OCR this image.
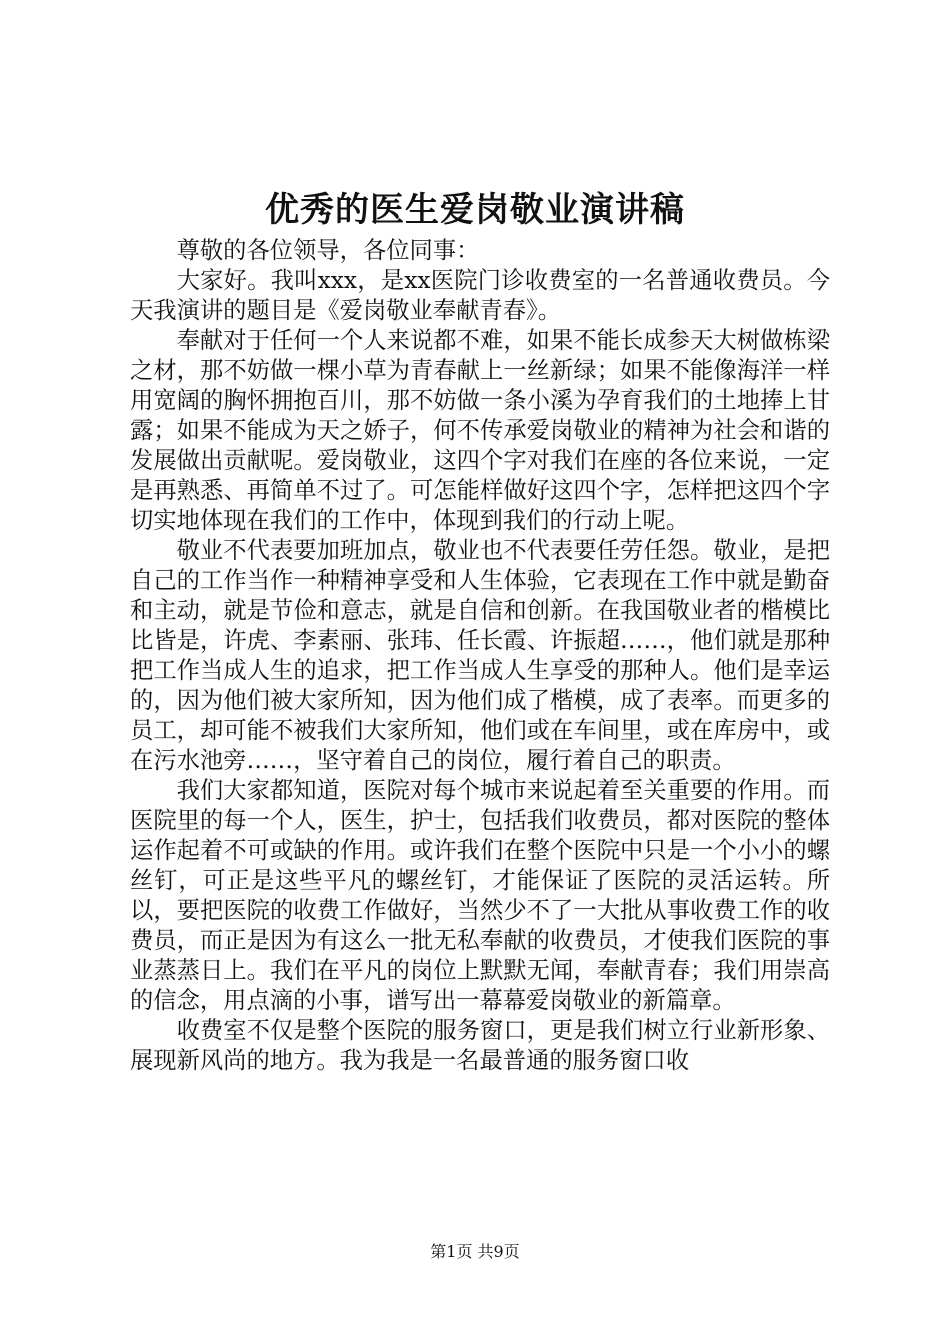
优秀的医生爱岗敬业演讲稿

尊敬的各位领导，各位同事：

大家好。我叫xxx，是xx医院门诊收费室的一名普通收费员。今天我演讲的题目是《爱岗敬业奉献青春》。

奉献对于任何一个人来说都不难，如果不能长成参天大树做栋梁之材，那不妨做一棵小草为青春献上一丝新绿；如果不能像海洋一样用宽阔的胸怀拥抱百川，那不妨做一条小溪为孕育我们的土地捧上甘露；如果不能成为天之娇子，何不传承爱岗敬业的精神为社会和谐的发展做出贡献呢。爱岗敬业，这四个字对我们在座的各位来说，一定是再熟悉、再简单不过了。可怎能样做好这四个字，怎样把这四个字切实地体现在我们的工作中，体现到我们的行动上呢。

敬业不代表要加班加点，敬业也不代表要任劳任怨。敬业，是把自己的工作当作一种精神享受和人生体验，它表现在工作中就是勤奋和主动，就是节俭和意志，就是自信和创新。在我国敬业者的楷模比比皆是，许虎、李素丽、张玮、任长霞、许振超……，他们就是那种把工作当成人生的追求，把工作当成人生享受的那种人。他们是幸运的，因为他们被大家所知，因为他们成了楷模，成了表率。而更多的员工，却可能不被我们大家所知，他们或在车间里，或在库房中，或在污水池旁……，坚守着自己的岗位，履行着自己的职责。

我们大家都知道，医院对每个城市来说起着至关重要的作用。而医院里的每一个人，医生，护士，包括我们收费员，都对医院的整体运作起着不可或缺的作用。或许我们在整个医院中只是一个小小的螺丝钉，可正是这些平凡的螺丝钉，才能保证了医院的灵活运转。所以，要把医院的收费工作做好，当然少不了一大批从事收费工作的收费员，而正是因为有这么一批无私奉献的收费员，才使我们医院的事业蒸蒸日上。我们在平凡的岗位上默默无闻，奉献青春；我们用崇高的信念，用点滴的小事，谱写出一幕幕爱岗敬业的新篇章。

收费室不仅是整个医院的服务窗口，更是我们树立行业新形象、展现新风尚的地方。我为我是一名最普通的服务窗口收

第1页 共9页
